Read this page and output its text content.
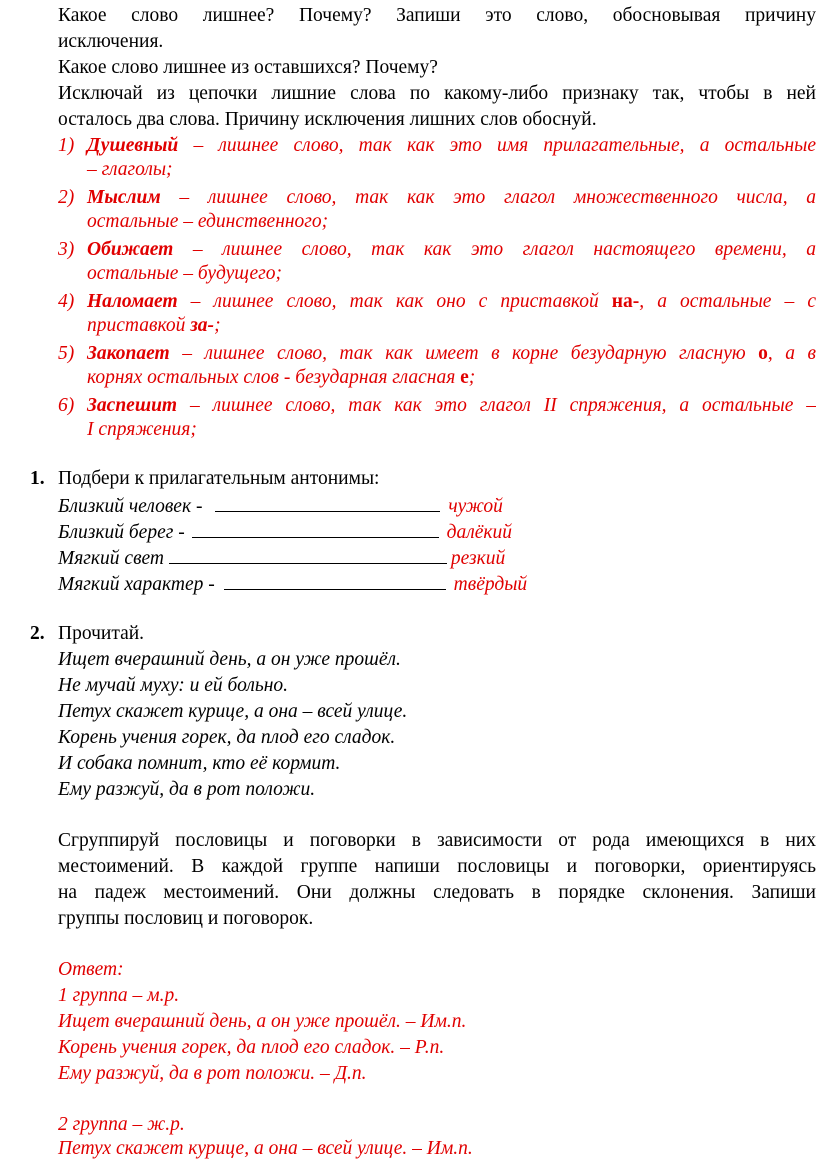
Какое слово лишнее? Почему? Запиши это слово, обосновывая причину
исключения.
Какое слово лишнее из оставшихся? Почему?
Исключай из цепочки лишние слова по какому-либо признаку так, чтобы в ней
осталось два слова. Причину исключения лишних слов обоснуй.
1) Душевный – лишнее слово, так как это имя прилагательные, а остальные
– глаголы;
2) Мыслим – лишнее слово, так как это глагол множественного числа, а
остальные – единственного;
3) Обижает – лишнее слово, так как это глагол настоящего времени, а
остальные – будущего;
4) Наломает – лишнее слово, так как оно с приставкой на-, а остальные – с
приставкой за-;
5) Закопает – лишнее слово, так как имеет в корне безударную гласную о, а в
корнях остальных слов - безударная гласная е;
6) Заспешит – лишнее слово, так как это глагол II спряжения, а остальные –
I спряжения;
1. Подбери к прилагательным антонимы:
Близкий человек -	чужой
Близкий берег -	далёкий
Мягкий свет	резкий
Мягкий характер -	твёрдый
2. Прочитай.
Ищет вчерашний день, а он уже прошёл.
Не мучай муху: и ей больно.
Петух скажет курице, а она – всей улице.
Корень учения горек, да плод его сладок.
И собака помнит, кто её кормит.
Ему разжуй, да в рот положи.
Сгруппируй пословицы и поговорки в зависимости от рода имеющихся в них
местоимений. В каждой группе напиши пословицы и поговорки, ориентируясь
на падеж местоимений. Они должны следовать в порядке склонения. Запиши
группы пословиц и поговорок.
Ответ:
1 группа – м.р.
Ищет вчерашний день, а он уже прошёл. – Им.п.
Корень учения горек, да плод его сладок. – Р.п.
Ему разжуй, да в рот положи. – Д.п.
2 группа – ж.р.
Петух скажет курице, а она – всей улице. – Им.п.
